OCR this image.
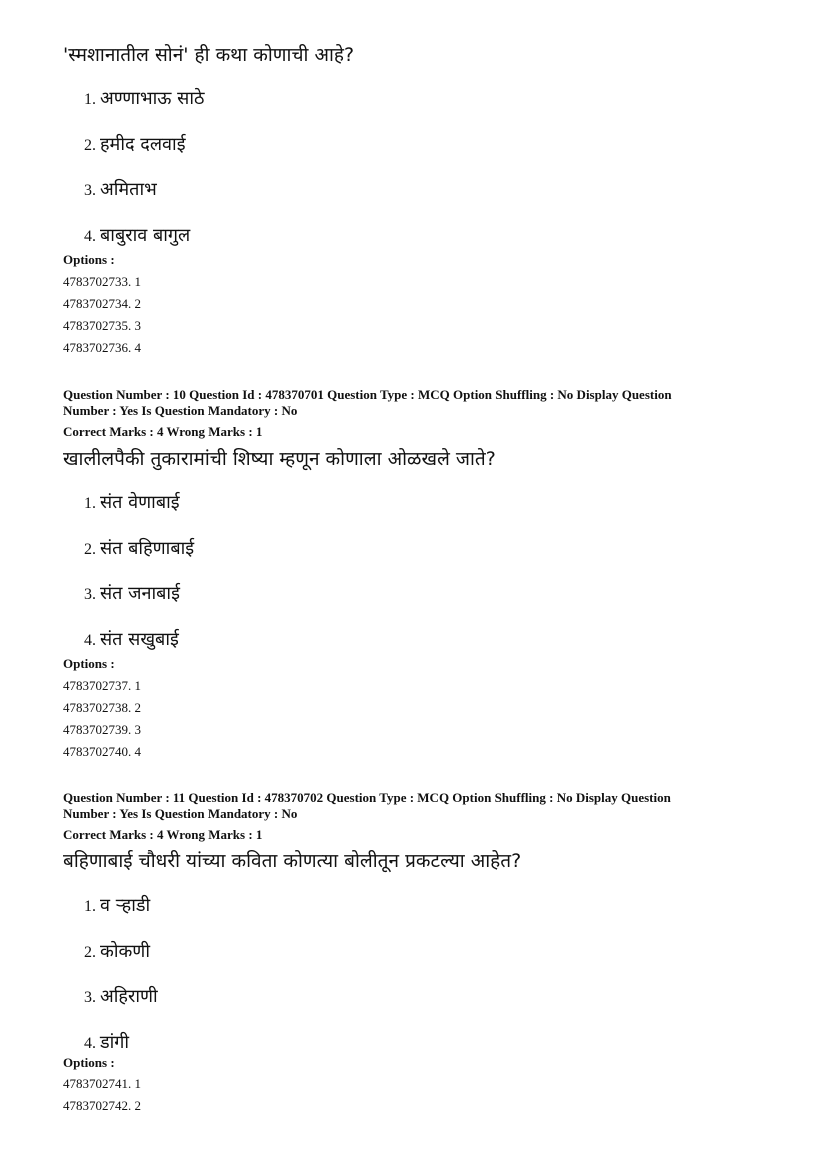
'स्मशानातील सोनं' ही कथा कोणाची आहे?
1. अण्णाभाऊ साठे
2. हमीद दलवाई
3. अमिताभ
4. बाबुराव बागुल
Options :
4783702733. 1
4783702734. 2
4783702735. 3
4783702736. 4
Question Number : 10 Question Id : 478370701 Question Type : MCQ Option Shuffling : No Display Question
Number : Yes Is Question Mandatory : No
Correct Marks : 4 Wrong Marks : 1
खालीलपैकी तुकारामांची शिष्या म्हणून कोणाला ओळखले जाते?
1. संत वेणाबाई
2. संत बहिणाबाई
3. संत जनाबाई
4. संत सखुबाई
Options :
4783702737. 1
4783702738. 2
4783702739. 3
4783702740. 4
Question Number : 11 Question Id : 478370702 Question Type : MCQ Option Shuffling : No Display Question
Number : Yes Is Question Mandatory : No
Correct Marks : 4 Wrong Marks : 1
बहिणाबाई चौधरी यांच्या कविता कोणत्या बोलीतून प्रकटल्या आहेत?
1. व ऱ्हाडी
2. कोकणी
3. अहिराणी
4. डांगी
Options :
4783702741. 1
4783702742. 2
